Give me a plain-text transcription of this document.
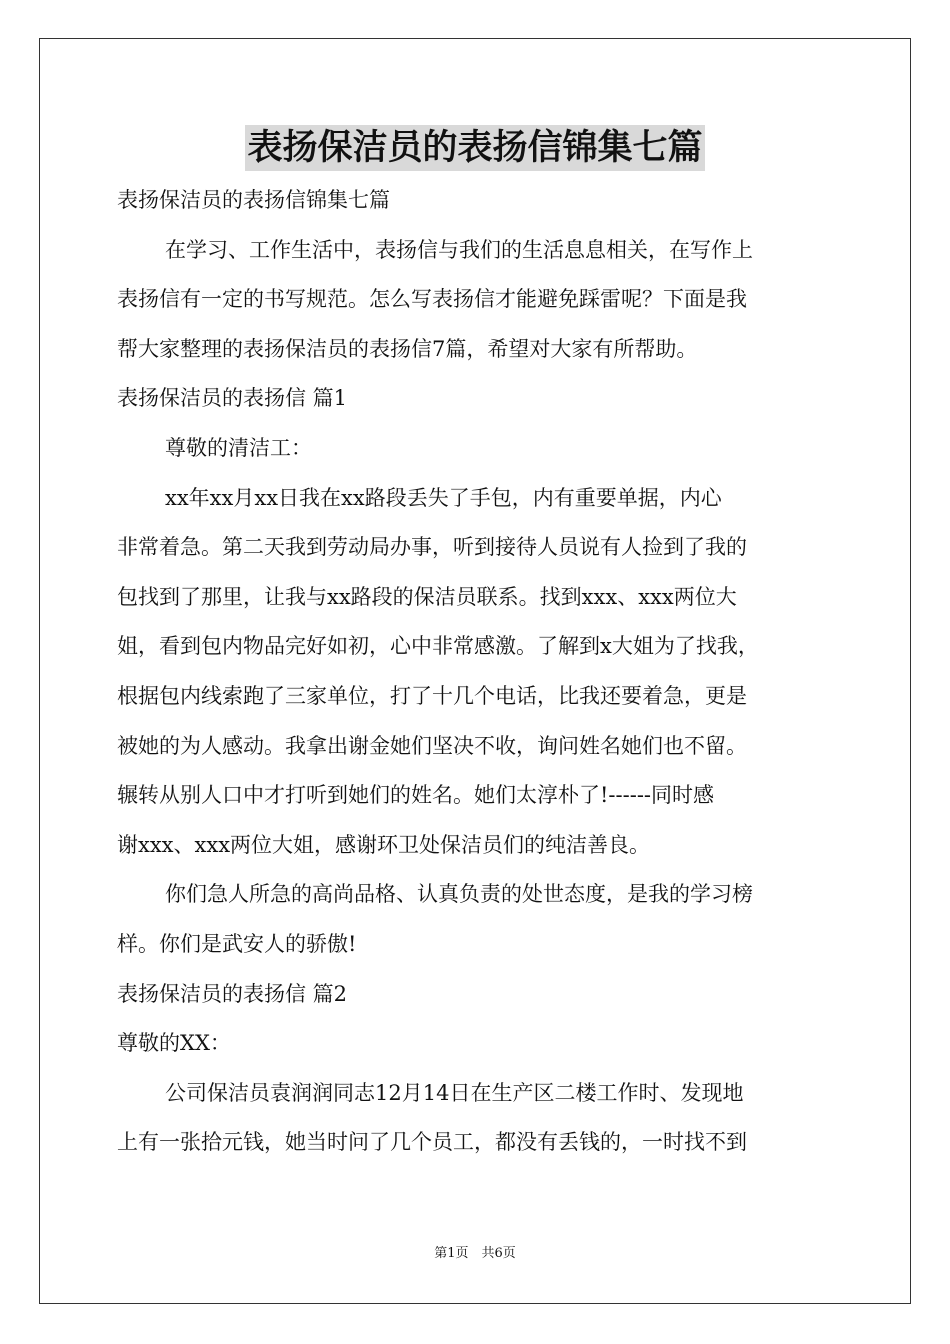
表扬保洁员的表扬信锦集七篇
表扬保洁员的表扬信锦集七篇
在学习、工作生活中，表扬信与我们的生活息息相关，在写作上
表扬信有一定的书写规范。怎么写表扬信才能避免踩雷呢？下面是我
帮大家整理的表扬保洁员的表扬信7篇，希望对大家有所帮助。
表扬保洁员的表扬信 篇1
尊敬的清洁工：
xx年xx月xx日我在xx路段丢失了手包，内有重要单据，内心
非常着急。第二天我到劳动局办事，听到接待人员说有人捡到了我的
包找到了那里，让我与xx路段的保洁员联系。找到xxx、xxx两位大
姐，看到包内物品完好如初，心中非常感激。了解到x大姐为了找我，
根据包内线索跑了三家单位，打了十几个电话，比我还要着急，更是
被她的为人感动。我拿出谢金她们坚决不收，询问姓名她们也不留。
辗转从别人口中才打听到她们的姓名。她们太淳朴了!------同时感
谢xxx、xxx两位大姐，感谢环卫处保洁员们的纯洁善良。
你们急人所急的高尚品格、认真负责的处世态度，是我的学习榜
样。你们是武安人的骄傲!
表扬保洁员的表扬信 篇2
尊敬的XX：
公司保洁员袁润润同志12月14日在生产区二楼工作时、发现地
上有一张拾元钱，她当时问了几个员工，都没有丢钱的，一时找不到
第1页　共6页
